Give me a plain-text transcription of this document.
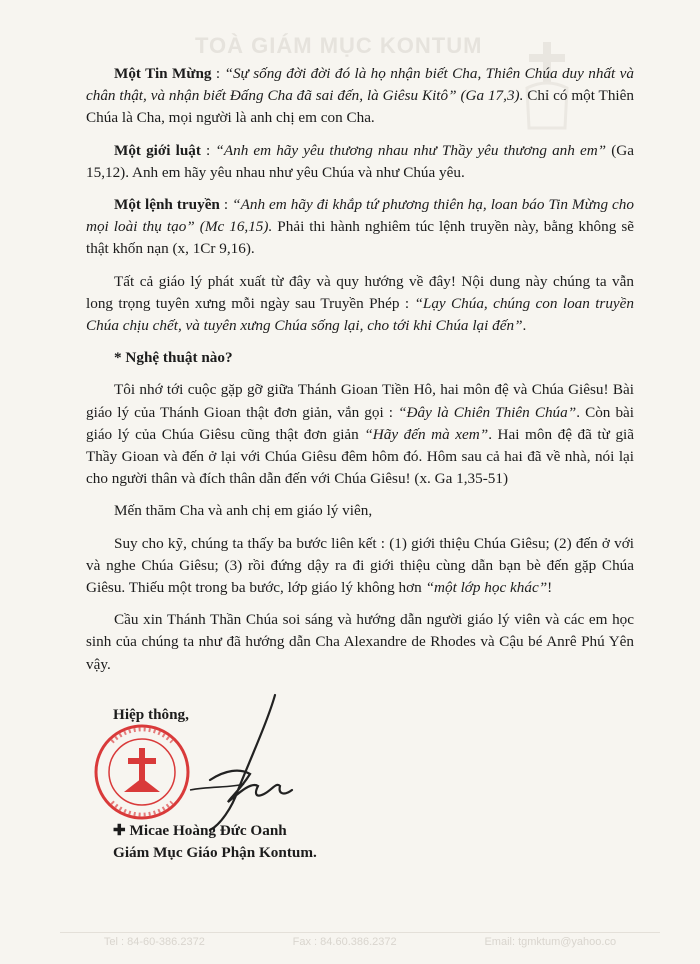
TOÀ GIÁM MỤC KONTUM

Một Tin Mừng : “Sự sống đời đời đó là họ nhận biết Cha, Thiên Chúa duy nhất và chân thật, và nhận biết Đấng Cha đã sai đến, là Giêsu Kitô” (Ga 17,3). Chỉ có một Thiên Chúa là Cha, mọi người là anh chị em con Cha.

Một giới luật : “Anh em hãy yêu thương nhau như Thầy yêu thương anh em” (Ga 15,12). Anh em hãy yêu nhau như yêu Chúa và như Chúa yêu.

Một lệnh truyền : “Anh em hãy đi khắp tứ phương thiên hạ, loan báo Tin Mừng cho mọi loài thụ tạo” (Mc 16,15). Phải thi hành nghiêm túc lệnh truyền này, bằng không sẽ thật khốn nạn (x, 1Cr 9,16).

Tất cả giáo lý phát xuất từ đây và quy hướng về đây! Nội dung này chúng ta vẫn long trọng tuyên xưng mỗi ngày sau Truyền Phép : “Lạy Chúa, chúng con loan truyền Chúa chịu chết, và tuyên xưng Chúa sống lại, cho tới khi Chúa lại đến”.

* Nghệ thuật nào?

Tôi nhớ tới cuộc gặp gỡ giữa Thánh Gioan Tiền Hô, hai môn đệ và Chúa Giêsu! Bài giáo lý của Thánh Gioan thật đơn giản, vắn gọi : “Đây là Chiên Thiên Chúa”. Còn bài giáo lý của Chúa Giêsu cũng thật đơn giản “Hãy đến mà xem”. Hai môn đệ đã từ giã Thầy Gioan và đến ở lại với Chúa Giêsu đêm hôm đó. Hôm sau cả hai đã về nhà, nói lại cho người thân và đích thân dẫn đến với Chúa Giêsu! (x. Ga 1,35-51)

Mến thăm Cha và anh chị em giáo lý viên,

Suy cho kỹ, chúng ta thấy ba bước liên kết : (1) giới thiệu Chúa Giêsu; (2) đến ở với và nghe Chúa Giêsu; (3) rồi đứng dậy ra đi giới thiệu cùng dẫn bạn bè đến gặp Chúa Giêsu. Thiếu một trong ba bước, lớp giáo lý không hơn “một lớp học khác”!

Cầu xin Thánh Thần Chúa soi sáng và hướng dẫn người giáo lý viên và các em học sinh của chúng ta như đã hướng dẫn Cha Alexandre de Rhodes và Cậu bé Anrê Phú Yên vậy.

Hiệp thông,
✚ Micae Hoàng Đức Oanh
Giám Mục Giáo Phận Kontum.
Tel : 84-60-386.2372	Fax : 84.60.386.2372	Email: tgmktum@yahoo.co
